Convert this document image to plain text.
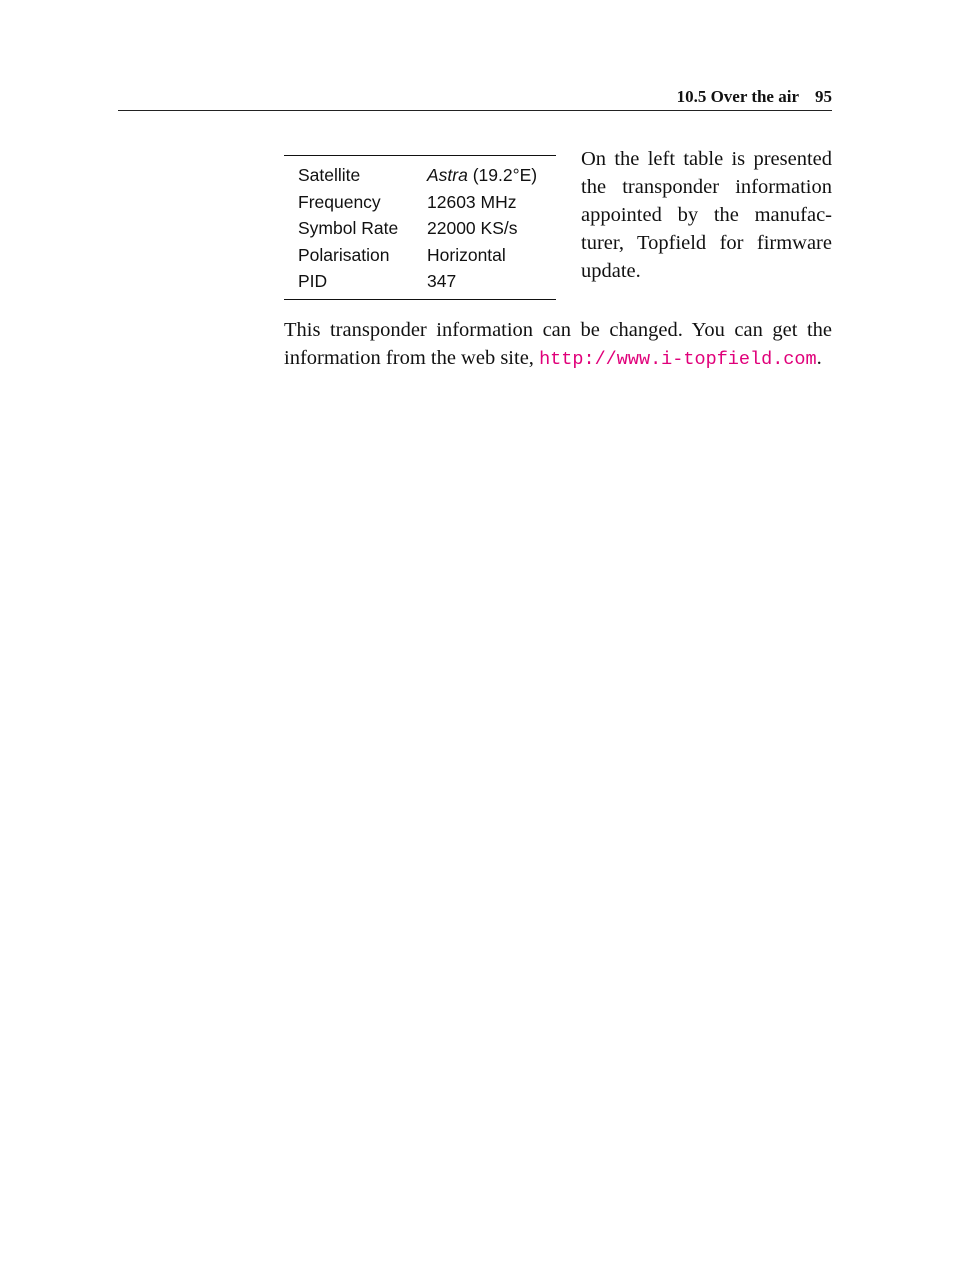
10.5 Over the air 95
Satellite	Astra (19.2°E)
Frequency	12603 MHz
Symbol Rate	22000 KS/s
Polarisation	Horizontal
PID	347
On the left table is presented the transponder information appointed by the manufacturer, Topfield for firmware update.

This transponder information can be changed. You can get the information from the web site, http://www.i-topfield.com.
